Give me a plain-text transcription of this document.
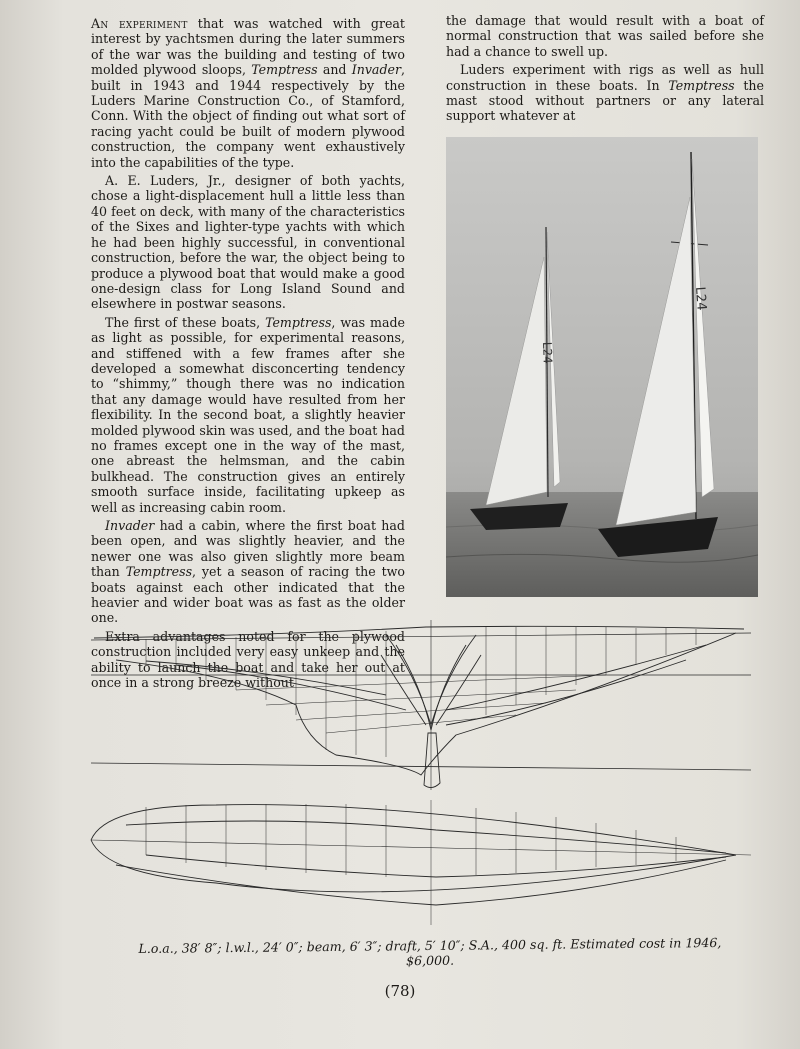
An experiment that was watched with great interest by yachtsmen during the later summers of the war was the building and testing of two molded plywood sloops, Temptress and Invader, built in 1943 and 1944 respectively by the Luders Marine Construction Co., of Stamford, Conn. With the object of finding out what sort of racing yacht could be built of modern plywood construction, the company went exhaustively into the capabilities of the type.

A. E. Luders, Jr., designer of both yachts, chose a light-displacement hull a little less than 40 feet on deck, with many of the characteristics of the Sixes and lighter-type yachts with which he had been highly successful, in conventional construction, before the war, the object being to produce a plywood boat that would make a good one-design class for Long Island Sound and elsewhere in postwar seasons.

The first of these boats, Temptress, was made as light as possible, for experimental reasons, and stiffened with a few frames after she developed a somewhat disconcerting tendency to “shimmy,” though there was no indication that any damage would have resulted from her flexibility. In the second boat, a slightly heavier molded plywood skin was used, and the boat had no frames except one in the way of the mast, one abreast the helmsman, and the cabin bulkhead. The construction gives an entirely smooth surface inside, facilitating upkeep as well as increasing cabin room.

Invader had a cabin, where the first boat had been open, and was slightly heavier, and the newer one was also given slightly more beam than Temptress, yet a season of racing the two boats against each other indicated that the heavier and wider boat was as fast as the older one.

Extra advantages noted for the plywood construction included very easy unkeep and the ability to launch the boat and take her out at once in a strong breeze without

the damage that would result with a boat of normal construction that was sailed before she had a chance to swell up.

Luders experiment with rigs as well as hull construction in these boats. In Temptress the mast stood without partners or any lateral support whatever at

L24
L24
L.o.a., 38′ 8″; l.w.l., 24′ 0″; beam, 6′ 3″; draft, 5′ 10″; S.A., 400 sq. ft. Estimated cost in 1946, $6,000.
(78)
